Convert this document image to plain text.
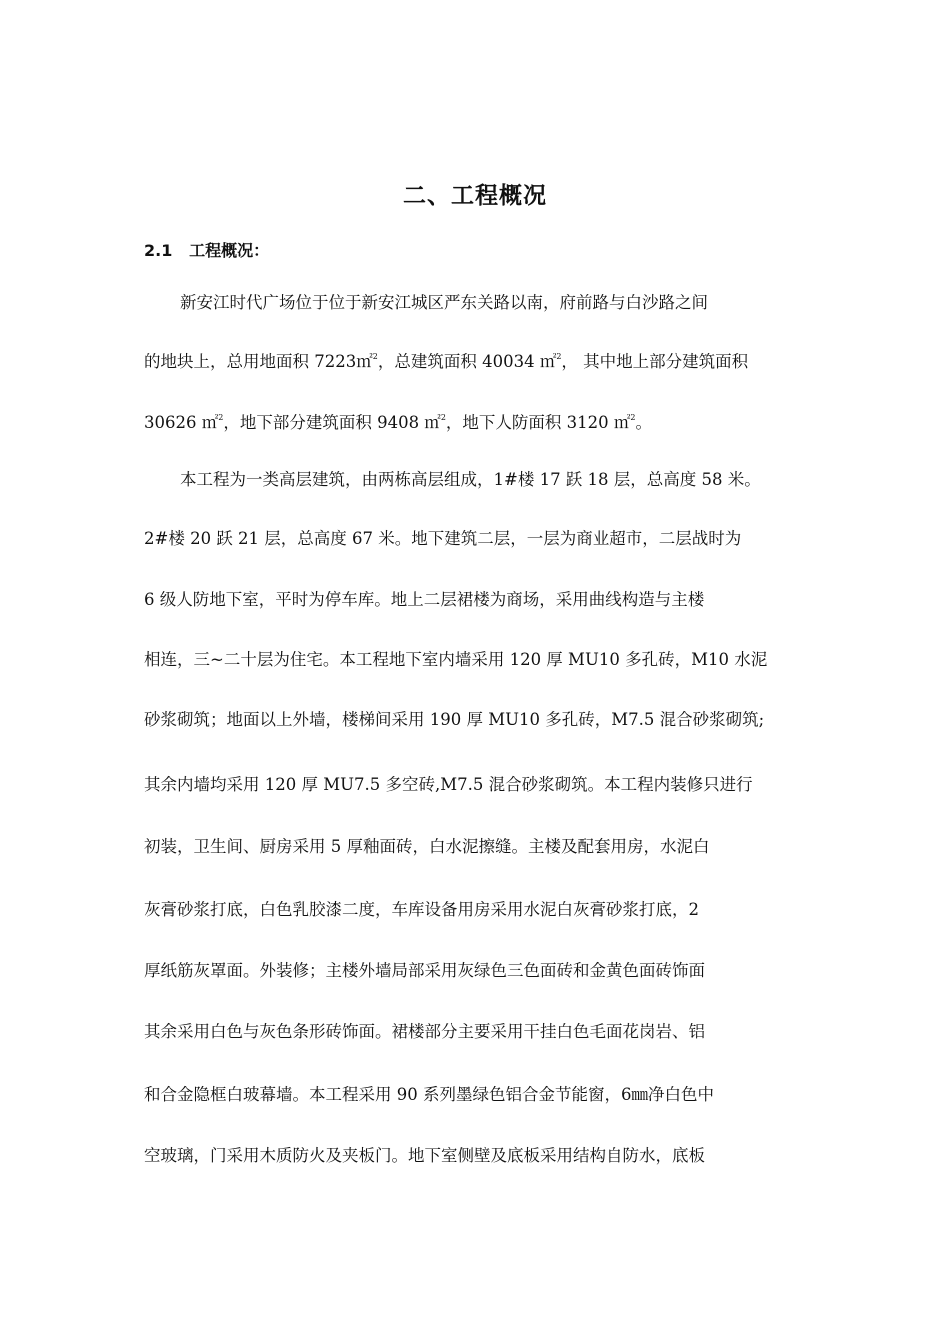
二、工程概况
2.1 工程概况：

新安江时代广场位于位于新安江城区严东关路以南，府前路与白沙路之间

的地块上，总用地面积 7223㎡$^2$，总建筑面积 40034 ㎡$^2$， 其中地上部分建筑面积

30626 ㎡$^2$，地下部分建筑面积 9408 ㎡$^2$，地下人防面积 3120 ㎡$^2$。

本工程为一类高层建筑，由两栋高层组成，1#楼 17 跃 18 层，总高度 58 米。

2#楼 20 跃 21 层，总高度 67 米。地下建筑二层，一层为商业超市，二层战时为

6 级人防地下室，平时为停车库。地上二层裙楼为商场，采用曲线构造与主楼

相连，三~二十层为住宅。本工程地下室内墙采用 120 厚 MU10 多孔砖，M10 水泥

砂浆砌筑；地面以上外墙，楼梯间采用 190 厚 MU10 多孔砖，M7.5 混合砂浆砌筑;

其余内墙均采用 120 厚 MU7.5 多空砖,M7.5 混合砂浆砌筑。本工程内装修只进行

初装，卫生间、厨房采用 5 厚釉面砖，白水泥擦缝。主楼及配套用房，水泥白

灰膏砂浆打底，白色乳胶漆二度，车库设备用房采用水泥白灰膏砂浆打底，2

厚纸筋灰罩面。外装修；主楼外墙局部采用灰绿色三色面砖和金黄色面砖饰面

其余采用白色与灰色条形砖饰面。裙楼部分主要采用干挂白色毛面花岗岩、铝

和合金隐框白玻幕墙。本工程采用 90 系列墨绿色铝合金节能窗，6㎜净白色中

空玻璃，门采用木质防火及夹板门。地下室侧壁及底板采用结构自防水，底板
